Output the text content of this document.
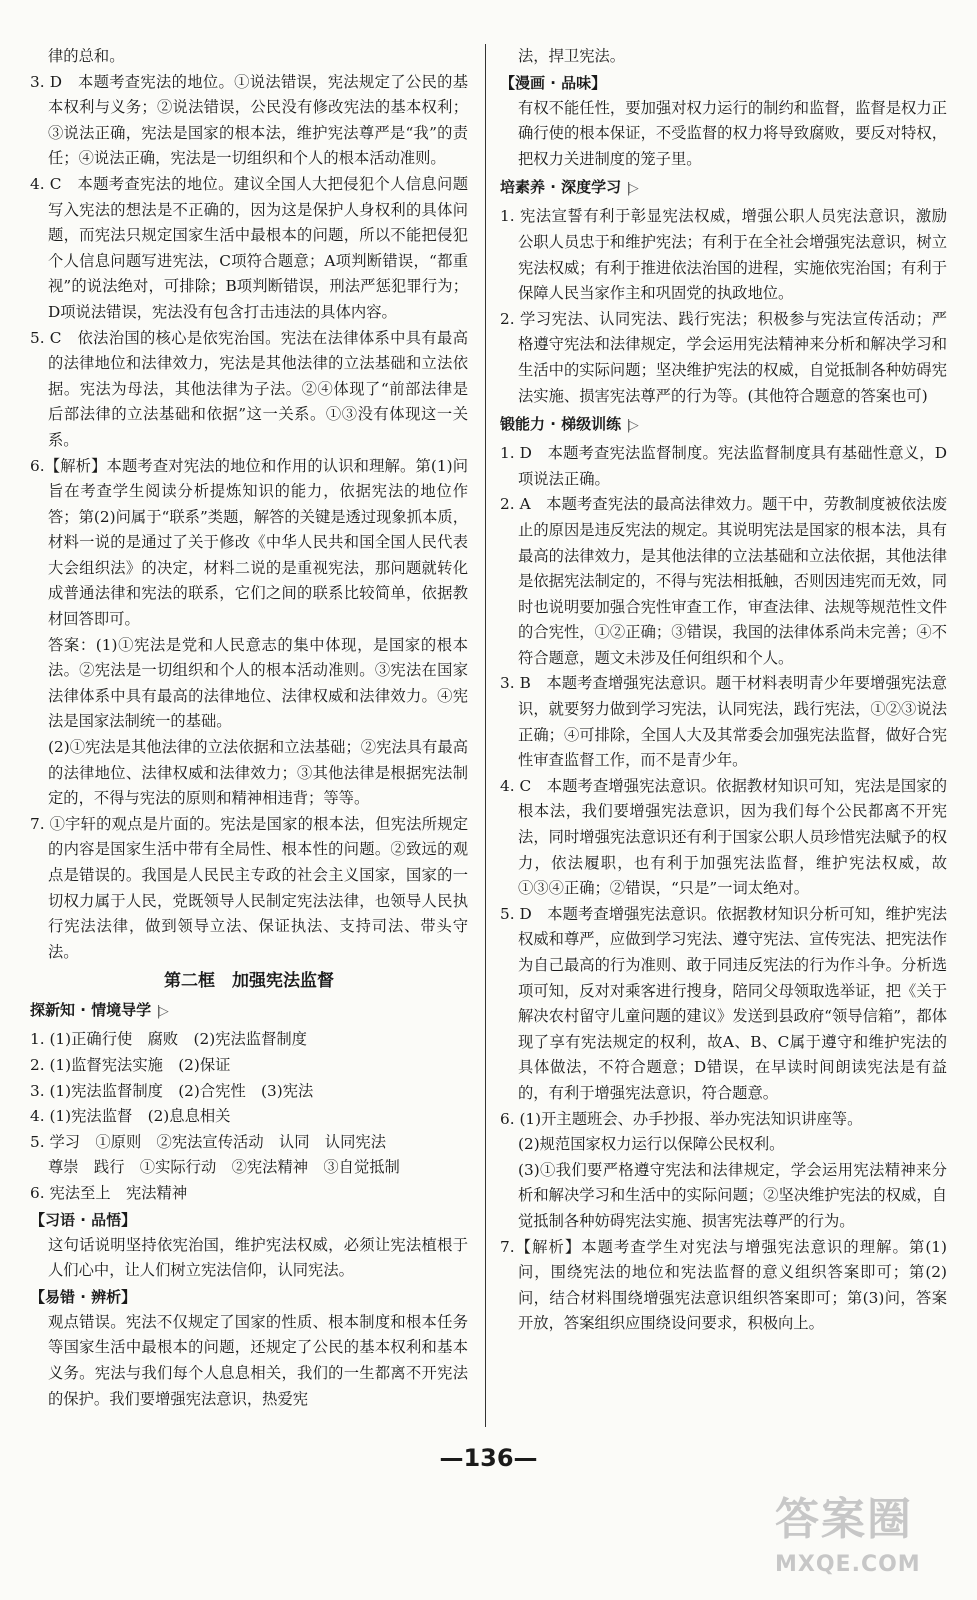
律的总和。

3. D　本题考查宪法的地位。①说法错误，宪法规定了公民的基本权利与义务；②说法错误，公民没有修改宪法的基本权利；③说法正确，宪法是国家的根本法，维护宪法尊严是“我”的责任；④说法正确，宪法是一切组织和个人的根本活动准则。

4. C　本题考查宪法的地位。建议全国人大把侵犯个人信息问题写入宪法的想法是不正确的，因为这是保护人身权利的具体问题，而宪法只规定国家生活中最根本的问题，所以不能把侵犯个人信息问题写进宪法，C项符合题意；A项判断错误，“都重视”的说法绝对，可排除；B项判断错误，刑法严惩犯罪行为；D项说法错误，宪法没有包含打击违法的具体内容。

5. C　依法治国的核心是依宪治国。宪法在法律体系中具有最高的法律地位和法律效力，宪法是其他法律的立法基础和立法依据。宪法为母法，其他法律为子法。②④体现了“前部法律是后部法律的立法基础和依据”这一关系。①③没有体现这一关系。

6.【解析】本题考查对宪法的地位和作用的认识和理解。第(1)问旨在考查学生阅读分析提炼知识的能力，依据宪法的地位作答；第(2)问属于“联系”类题，解答的关键是透过现象抓本质，材料一说的是通过了关于修改《中华人民共和国全国人民代表大会组织法》的决定，材料二说的是重视宪法，那问题就转化成普通法律和宪法的联系，它们之间的联系比较简单，依据教材回答即可。

答案：(1)①宪法是党和人民意志的集中体现，是国家的根本法。②宪法是一切组织和个人的根本活动准则。③宪法在国家法律体系中具有最高的法律地位、法律权威和法律效力。④宪法是国家法制统一的基础。

(2)①宪法是其他法律的立法依据和立法基础；②宪法具有最高的法律地位、法律权威和法律效力；③其他法律是根据宪法制定的，不得与宪法的原则和精神相违背；等等。

7. ①宇轩的观点是片面的。宪法是国家的根本法，但宪法所规定的内容是国家生活中带有全局性、根本性的问题。②致远的观点是错误的。我国是人民民主专政的社会主义国家，国家的一切权力属于人民，党既领导人民制定宪法法律，也领导人民执行宪法法律，做到领导立法、保证执法、支持司法、带头守法。

第二框　加强宪法监督
探新知 · 情境导学 |▷

1. (1)正确行使　腐败　(2)宪法监督制度

2. (1)监督宪法实施　(2)保证

3. (1)宪法监督制度　(2)合宪性　(3)宪法

4. (1)宪法监督　(2)息息相关

5. 学习　①原则　②宪法宣传活动　认同　认同宪法

尊崇　践行　①实际行动　②宪法精神　③自觉抵制

6. 宪法至上　宪法精神

【习语 · 品悟】

这句话说明坚持依宪治国，维护宪法权威，必须让宪法植根于人们心中，让人们树立宪法信仰，认同宪法。

【易错 · 辨析】

观点错误。宪法不仅规定了国家的性质、根本制度和根本任务等国家生活中最根本的问题，还规定了公民的基本权利和基本义务。宪法与我们每个人息息相关，我们的一生都离不开宪法的保护。我们要增强宪法意识，热爱宪

法，捍卫宪法。

【漫画 · 品味】

有权不能任性，要加强对权力运行的制约和监督，监督是权力正确行使的根本保证，不受监督的权力将导致腐败，要反对特权，把权力关进制度的笼子里。

培素养 · 深度学习 |▷

1. 宪法宣誓有利于彰显宪法权威，增强公职人员宪法意识，激励公职人员忠于和维护宪法；有利于在全社会增强宪法意识，树立宪法权威；有利于推进依法治国的进程，实施依宪治国；有利于保障人民当家作主和巩固党的执政地位。

2. 学习宪法、认同宪法、践行宪法；积极参与宪法宣传活动；严格遵守宪法和法律规定，学会运用宪法精神来分析和解决学习和生活中的实际问题；坚决维护宪法的权威，自觉抵制各种妨碍宪法实施、损害宪法尊严的行为等。(其他符合题意的答案也可)

锻能力 · 梯级训练 |▷

1. D　本题考查宪法监督制度。宪法监督制度具有基础性意义，D项说法正确。

2. A　本题考查宪法的最高法律效力。题干中，劳教制度被依法废止的原因是违反宪法的规定。其说明宪法是国家的根本法，具有最高的法律效力，是其他法律的立法基础和立法依据，其他法律是依据宪法制定的，不得与宪法相抵触，否则因违宪而无效，同时也说明要加强合宪性审查工作，审查法律、法规等规范性文件的合宪性，①②正确；③错误，我国的法律体系尚未完善；④不符合题意，题文未涉及任何组织和个人。

3. B　本题考查增强宪法意识。题干材料表明青少年要增强宪法意识，就要努力做到学习宪法，认同宪法，践行宪法，①②③说法正确；④可排除，全国人大及其常委会加强宪法监督，做好合宪性审查监督工作，而不是青少年。

4. C　本题考查增强宪法意识。依据教材知识可知，宪法是国家的根本法，我们要增强宪法意识，因为我们每个公民都离不开宪法，同时增强宪法意识还有利于国家公职人员珍惜宪法赋予的权力，依法履职，也有利于加强宪法监督，维护宪法权威，故①③④正确；②错误，“只是”一词太绝对。

5. D　本题考查增强宪法意识。依据教材知识分析可知，维护宪法权威和尊严，应做到学习宪法、遵守宪法、宣传宪法、把宪法作为自己最高的行为准则、敢于同违反宪法的行为作斗争。分析选项可知，反对对乘客进行搜身，陪同父母领取选举证，把《关于解决农村留守儿童问题的建议》发送到县政府“领导信箱”，都体现了享有宪法规定的权利，故A、B、C属于遵守和维护宪法的具体做法，不符合题意；D错误，在早读时间朗读宪法是有益的，有利于增强宪法意识，符合题意。

6. (1)开主题班会、办手抄报、举办宪法知识讲座等。

(2)规范国家权力运行以保障公民权利。

(3)①我们要严格遵守宪法和法律规定，学会运用宪法精神来分析和解决学习和生活中的实际问题；②坚决维护宪法的权威，自觉抵制各种妨碍宪法实施、损害宪法尊严的行为。

7.【解析】本题考查学生对宪法与增强宪法意识的理解。第(1)问，围绕宪法的地位和宪法监督的意义组织答案即可；第(2)问，结合材料围绕增强宪法意识组织答案即可；第(3)问，答案开放，答案组织应围绕设问要求，积极向上。

—136—
答案圈
MXQE.COM
